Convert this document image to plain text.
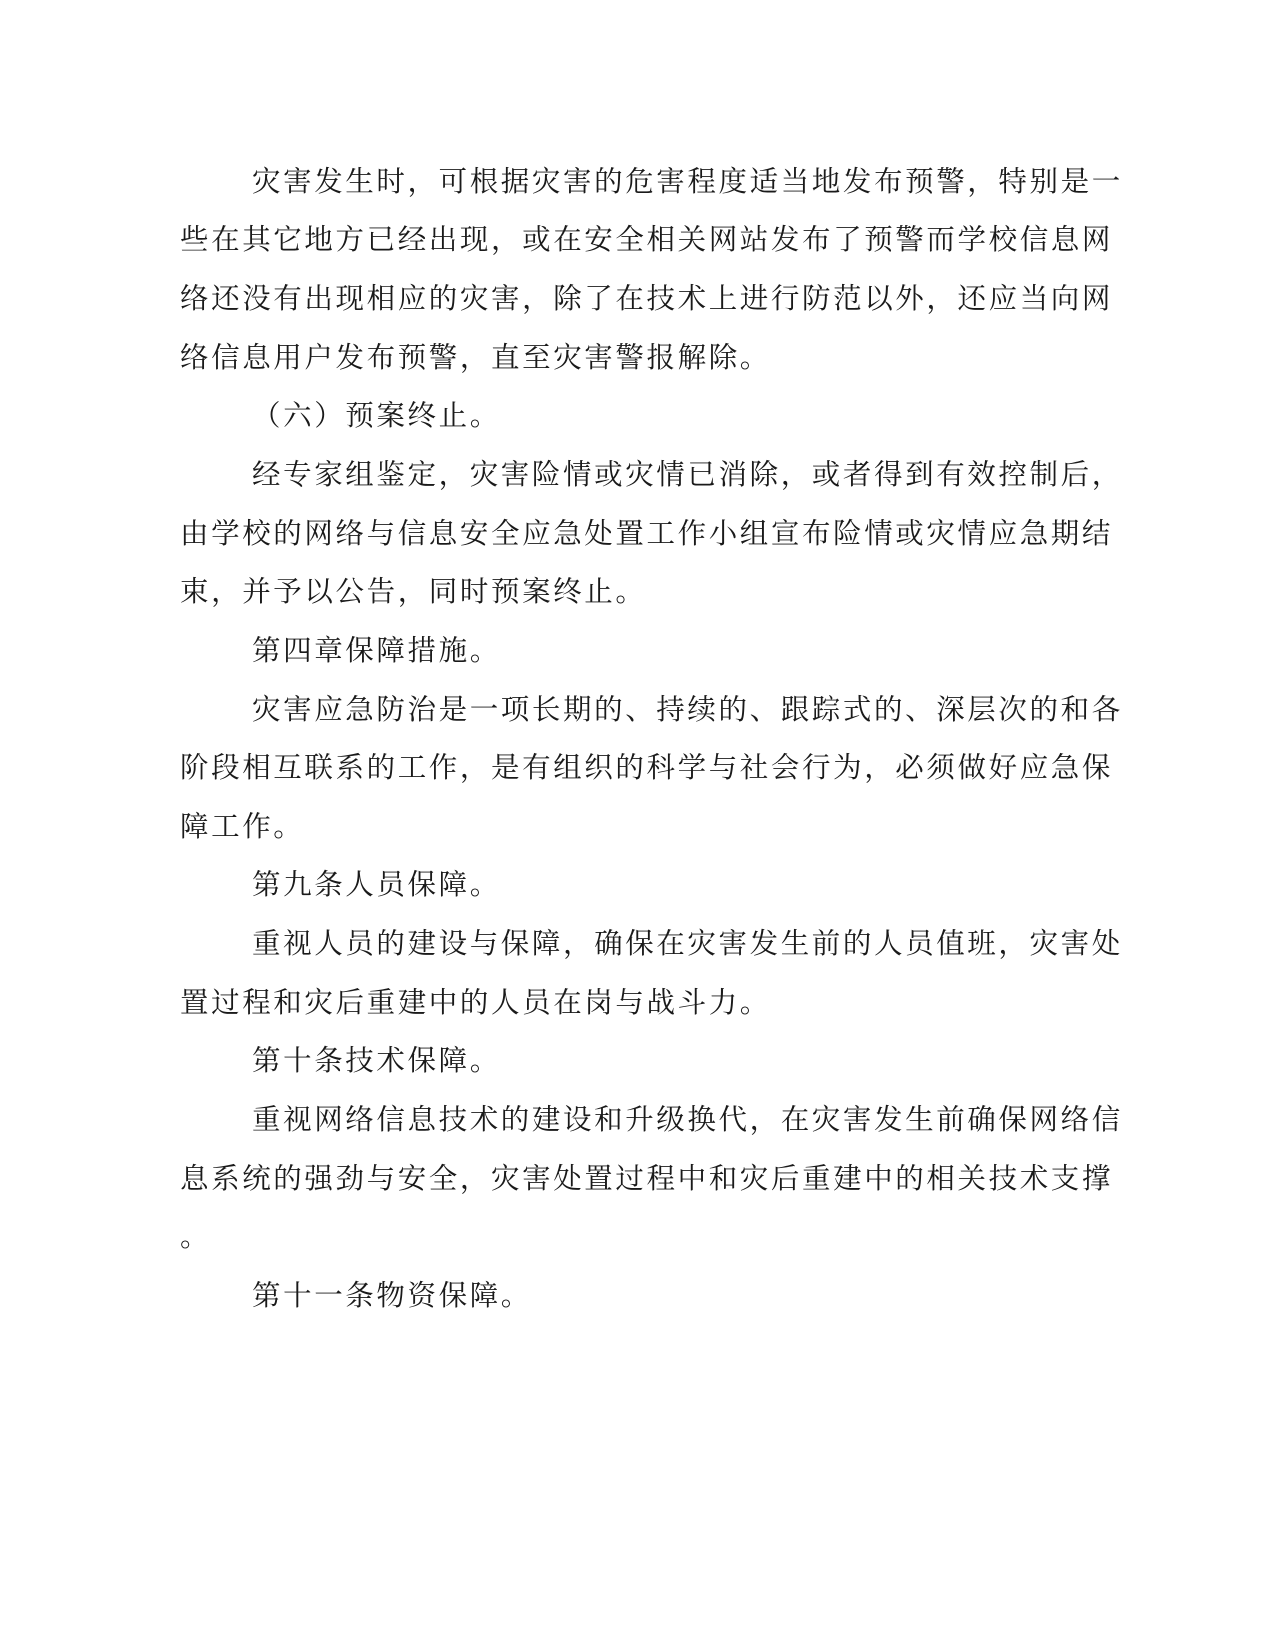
灾害发生时，可根据灾害的危害程度适当地发布预警，特别是一
些在其它地方已经出现，或在安全相关网站发布了预警而学校信息网
络还没有出现相应的灾害，除了在技术上进行防范以外，还应当向网
络信息用户发布预警，直至灾害警报解除。
（六）预案终止。
经专家组鉴定，灾害险情或灾情已消除，或者得到有效控制后，
由学校的网络与信息安全应急处置工作小组宣布险情或灾情应急期结
束，并予以公告，同时预案终止。
第四章保障措施。
灾害应急防治是一项长期的、持续的、跟踪式的、深层次的和各
阶段相互联系的工作，是有组织的科学与社会行为，必须做好应急保
障工作。
第九条人员保障。
重视人员的建设与保障，确保在灾害发生前的人员值班，灾害处
置过程和灾后重建中的人员在岗与战斗力。
第十条技术保障。
重视网络信息技术的建设和升级换代，在灾害发生前确保网络信
息系统的强劲与安全，灾害处置过程中和灾后重建中的相关技术支撑
。
第十一条物资保障。
